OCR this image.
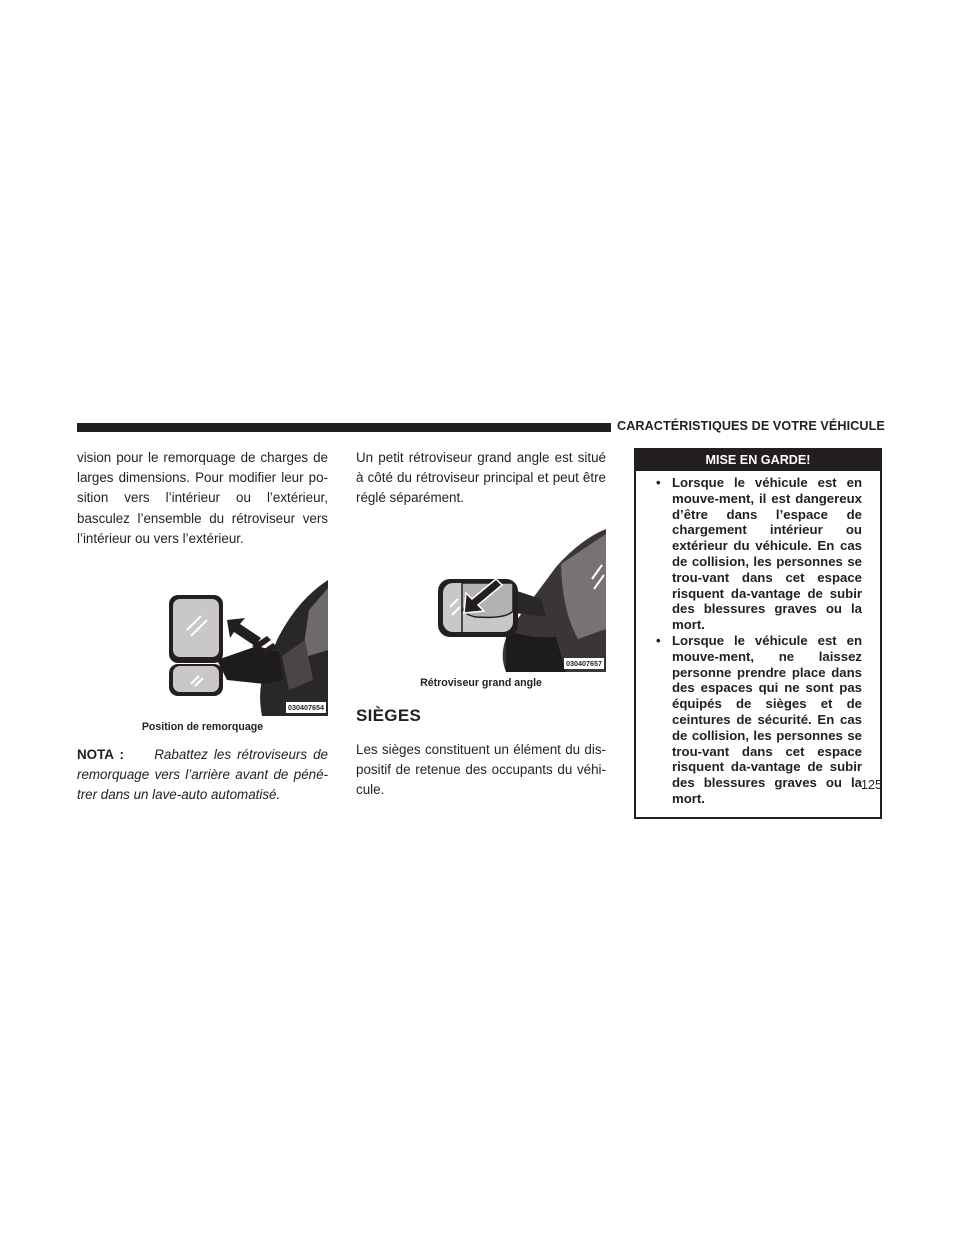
CARACTÉRISTIQUES DE VOTRE VÉHICULE

vision pour le remorquage de charges de larges dimensions. Pour modifier leur po-sition vers l’intérieur ou l’extérieur, basculez l’ensemble du rétroviseur vers l’intérieur ou vers l’extérieur.

030407654
Position de remorquage

NOTA : Rabattez les rétroviseurs de remorquage vers l’arrière avant de péné-trer dans un lave-auto automatisé.

Un petit rétroviseur grand angle est situé à côté du rétroviseur principal et peut être réglé séparément.

030407657
Rétroviseur grand angle
SIÈGES

Les sièges constituent un élément du dis-positif de retenue des occupants du véhi-cule.

MISE EN GARDE!
• Lorsque le véhicule est en mouve-ment, il est dangereux d’être dans l’espace de chargement intérieur ou extérieur du véhicule. En cas de collision, les personnes se trou-vant dans cet espace risquent da-vantage de subir des blessures graves ou la mort.
• Lorsque le véhicule est en mouve-ment, ne laissez personne prendre place dans des espaces qui ne sont pas équipés de sièges et de ceintures de sécurité. En cas de collision, les personnes se trou-vant dans cet espace risquent da-vantage de subir des blessures graves ou la mort.
125
